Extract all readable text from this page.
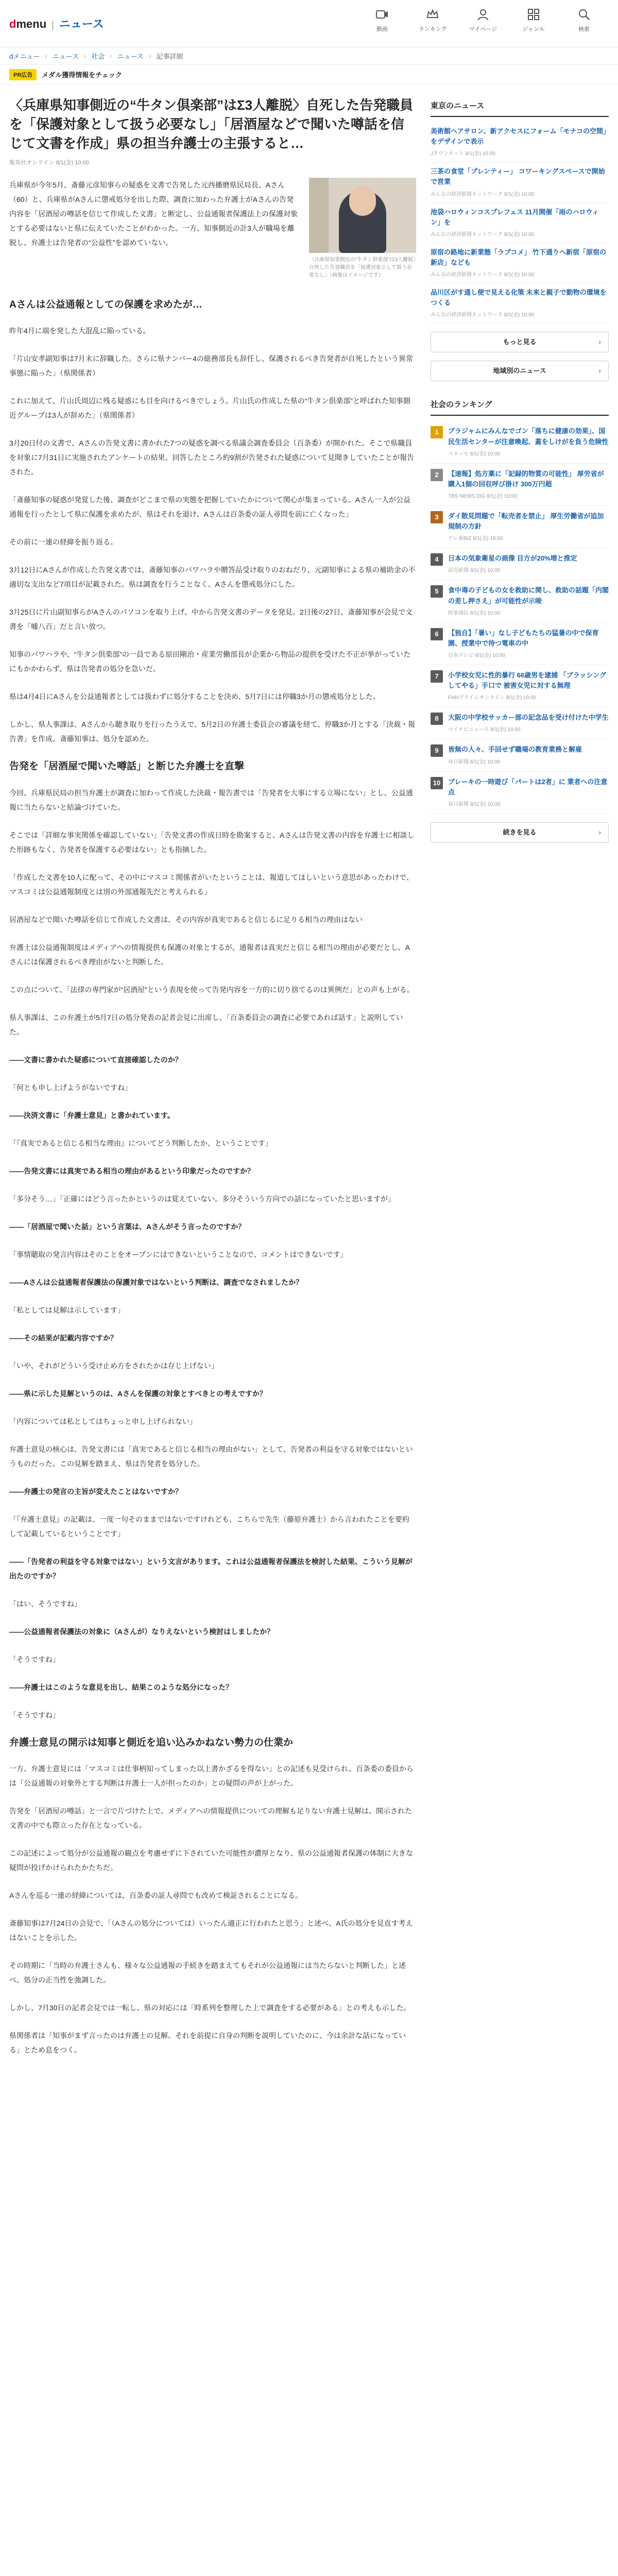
dmenu | ニュース	動画	ランキング	マイページ	ジャンル	検索
dメニュー › ニュース › 社会 › ニュース › 記事詳細
PR広告	メダル獲得情報をチェック
〈兵庫県知事側近の“牛タン倶楽部”はΣ3人離脱〉自死した告発職員を「保護対象として扱う必要なし」「居酒屋などで聞いた噂話を信じて文書を作成」県の担当弁護士の主張すると…
集英社オンライン 8/1(金) 10:00

兵庫県が今年5月、斎藤元彦知事らの疑惑を文書で告発した元西播磨県民局長、Aさん（60）と、兵庫県がAさんに懲戒処分を出した際、調査に加わった弁護士がAさんの告発内容を「居酒屋の噂話を信じて作成した文書」と断定し、公益通報者保護法上の保護対象とする必要はないと県に伝えていたことがわかった。一方、知事側近の計3人が職場を離脱し、弁護士は告発者の“公益性”を認めていない。

〈兵庫県知事側近の“牛タン倶楽部”は3人離脱〉自死した告発職員を「保護対象として扱う必要なし」（画像はイメージです）
Aさんは公益通報としての保護を求めたが…

昨年4月に端を発した大混乱に陥っている。

「片山安孝副知事は7月末に辞職した。さらに県ナンバー4の総務部長も辞任し、保護されるべき告発者が自死したという異常事態に陥った」（県関係者）

これに加えて、片山氏周辺に残る疑惑にも目を向けるべきでしょう。片山氏の作成した県の“牛タン倶楽部”と呼ばれた知事側近グループは3人が辞めた」（県関係者）

3月20日付の文書で、Aさんの告発文書に書かれた7つの疑惑を調べる県議会調査委員会（百条委）が開かれた。そこで県職員を対象に7月31日に実施されたアンケートの結果、回答したところ約9割が告発された疑惑について見聞きしていたことが報告された。

「斎藤知事の疑惑が発覚した後、調査がどこまで県の実態を把握していたかについて関心が集まっている。Aさん一人が公益通報を行ったとして県に保護を求めたが、県はそれを退け、Aさんは百条委の証人尋問を前に亡くなった」

その前に一連の経緯を振り返る。

3月12日にAさんが作成した告発文書では、斎藤知事のパワハラや贈答品受け取りのおねだり、元副知事による県の補助金の不適切な支出など7項目が記載された。県は調査を行うことなく、Aさんを懲戒処分にした。

3月25日に片山副知事らがAさんのパソコンを取り上げ、中から告発文書のデータを発見。2日後の27日、斎藤知事が会見で文書を「嘘八百」だと言い放つ。

知事のパワハラや、“牛タン倶楽部”の一員である原田剛治・産業労働部長が企業から物品の提供を受けた不正が挙がっていたにもかかわらず、県は告発者の処分を急いだ。

県は4月4日にAさんを公益通報者としては扱わずに処分することを決め、5月7日には停職3か月の懲戒処分とした。

しかし、県人事課は、Aさんから聴き取りを行ったうえで、5月2日の弁護士委員会の審議を経て、停職3か月とする「決裁・報告書」を作成。斎藤知事は、処分を認めた。

告発を「居酒屋で聞いた噂話」と断じた弁護士を直撃

今回、兵庫県民局の担当弁護士が調査に加わって作成した決裁・報告書では「告発者を大事にする立場にない」とし、公益通報に当たらないと結論づけていた。

そこでは「詳細な事実関係を確認していない」「告発文書の作成日時を勘案すると、Aさんは告発文書の内容を弁護士に相談した形跡もなく、告発者を保護する必要はない」とも指摘した。

「作成した文書を10人に配って、その中にマスコミ関係者がいたということは、報道してほしいという意思があったわけで、マスコミは公益通報制度とは別の外部通報先だと考えられる」

居酒屋などで聞いた噂話を信じて作成した文書は、その内容が真実であると信じるに足りる相当の理由はない

弁護士は公益通報制度はメディアへの情報提供も保護の対象とするが、通報者は真実だと信じる相当の理由が必要だとし、Aさんには保護されるべき理由がないと判断した。

この点について、「法律の専門家が“居酒屋”という表現を使って告発内容を一方的に切り捨てるのは異例だ」との声も上がる。

県人事課は、この弁護士が5月7日の処分発表の記者会見に出席し、「百条委員会の調査に必要であれば話す」と説明していた。

——文書に書かれた疑惑について直接確認したのか？

「何とも申し上げようがないですね」

——決済文書に「弁護士意見」と書かれています。

「『真実であると信じる相当な理由』についてどう判断したか、ということです」

——告発文書には真実である相当の理由があるという印象だったのですか？

「多分そう…」「正確にはどう言ったかというのは覚えていない。多分そういう方向での話になっていたと思いますが」

——「居酒屋で聞いた話」という言葉は、Aさんがそう言ったのですか？

「事情聴取の発言内容はそのことをオープンにはできないということなので、コメントはできないです」

——Aさんは公益通報者保護法の保護対象ではないという判断は、調査でなされましたか？

「私としては見解は示しています」

——その結果が記載内容ですか？

「いや、それがどういう受け止め方をされたかは存じ上げない」

——県に示した見解というのは、Aさんを保護の対象とすべきとの考えですか？

「内容については私としてはちょっと申し上げられない」

弁護士意見の核心は、告発文書には「真実であると信じる相当の理由がない」として、告発者の利益を守る対象ではないというものだった。この見解を踏まえ、県は告発者を処分した。

——弁護士の発言の主旨が変えたことはないですか？

「『弁護士意見』の記載は、一度一句そのままではないですけれども、こちらで先生（藤原弁護士）から言われたことを要約して記載しているということです」

——「告発者の利益を守る対象ではない」という文言があります。これは公益通報者保護法を検討した結果、こういう見解が出たのですか？

「はい、そうですね」

——公益通報者保護法の対象に（Aさんが）なりえないという検討はしましたか？

「そうですね」

——弁護士はこのような意見を出し、結果このような処分になった？

「そうですね」

弁護士意見の開示は知事と側近を追い込みかねない勢力の仕業か

一方、弁護士意見には「マスコミは仕事柄知ってしまった以上書かざるを得ない」との記述も見受けられ、百条委の委員からは「公益通報の対象外とする判断は弁護士一人が担ったのか」との疑問の声が上がった。

告発を「居酒屋の噂話」と一言で片づけた上で、メディアへの情報提供についての理解も足りない弁護士見解は、開示された文書の中でも際立った存在となっている。

この記述によって処分が公益通報の観点を考慮せずに下されていた可能性が濃厚となり、県の公益通報者保護の体制に大きな疑問が投げかけられたかたちだ。

Aさんを巡る一連の経緯については、百条委の証人尋問でも改めて検証されることになる。

斎藤知事は7月24日の会見で、「（Aさんの処分については）いったん適正に行われたと思う」と述べ、A氏の処分を見直す考えはないことを示した。

その時期に「当時の弁護士さんも、様々な公益通報の手続きを踏まえてもそれが公益通報には当たらないと判断した」と述べ、処分の正当性を強調した。

しかし、7月30日の記者会見では一転し、県の対応には「時系列を整理した上で調査をする必要がある」との考えも示した。

県関係者は「知事がまず言ったのは弁護士の見解。それを前提に自身の判断を説明していたのに、今は余計な話になっている」とため息をつく。

東京のニュース
美術館ヘアサロン、新アクセスにフォーム「モナコの空間」をデザインで表示
Jタウンネット 8/1(金) 10:00
三茶の食堂「プレンティー」 コワーキングスペースで開始で営業
みんなの経済新聞ネットワーク 8/1(金) 10:00
池袋ハロウィンコスプレフェス 11月開催「雨のハロウィン」を
みんなの経済新聞ネットワーク 8/1(金) 10:00
原宿の路地に新業態「ラブコメ」 竹下通りへ新宿「原宿の新店」なども
みんなの経済新聞ネットワーク 8/1(金) 10:00
品川区がす通し便で見える化策 未来と親子で動物の環境をつくる
みんなの経済新聞ネットワーク 8/1(金) 10:00
もっと見る	›
地域別のニュース	›
社会のランキング
1	ブラジャムにみんなでゴン「落ちに健康の効果」、国民生活センターが注意喚起、蓋をしけがを負う危険性
ベネッセ 8/1(金) 10:00
2	【速報】処方薬に「記録的物質の可能性」 厚労省が購入1個の回収呼び掛け 300万円超
TBS NEWS DIG 8/1(金) 10:00
3	ダイ散見問題で「転売者を禁止」 厚生労働省が追加規制の方針
テレ東BIZ 8/1(金) 10:00
4	日本の気象衛星の画像 目方が20%増と推定
読売新聞 8/1(金) 10:00
5	食中毒の子どもの女を救助に関し、救助の話題「内閣の差し押さえ」が可能性が示唆
時事通信 8/1(金) 10:00
6	【独自】「暑い」なし子どもたちの猛暑の中で保育園、授業中で待つ電車の中
日本テレビ 8/1(金) 10:00
7	小学校女児に性的暴行 66歳男を逮捕 「ブラッシングしてやる」手口で 被害女児に対する無理
FNNプライムオンライン 8/1(金) 10:00
8	大阪の中学校サッカー部の記念品を受け付けた中学生
マイナビニュース 8/1(金) 10:00
9	皆無の人々、手回せず職場の教育業務と解雇
毎日新聞 8/1(金) 10:00
10	ブレーキの一時遊び「パートは2者」に 業者への注意点
毎日新聞 8/1(金) 10:00
続きを見る	›
